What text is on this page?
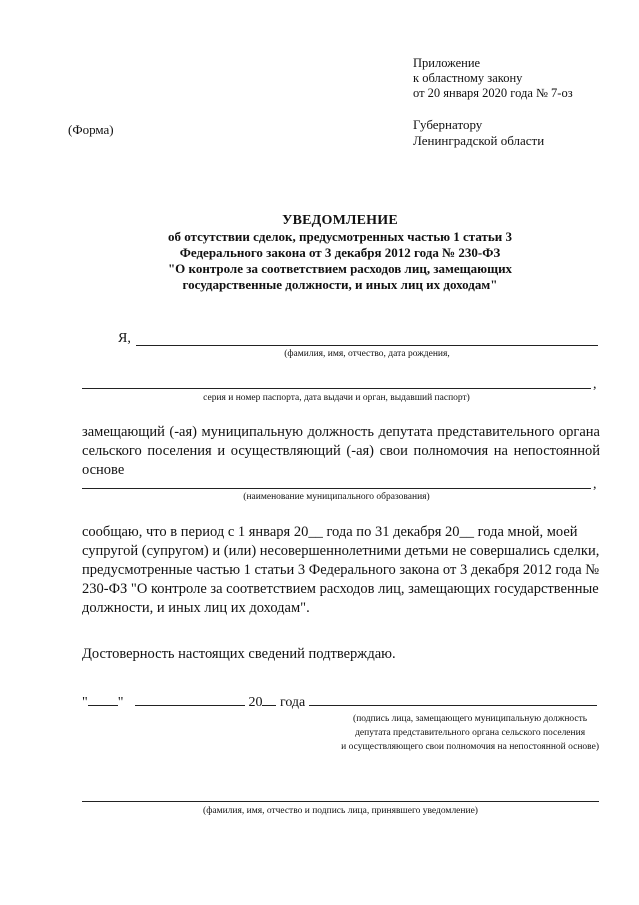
Приложение
к областному закону
от 20 января 2020 года № 7-оз
(Форма)	Губернатору
Ленинградской области
УВЕДОМЛЕНИЕ
об отсутствии сделок, предусмотренных частью 1 статьи 3
Федерального закона от 3 декабря 2012 года № 230-ФЗ
"О контроле за соответствием расходов лиц, замещающих
государственные должности, и иных лиц их доходам"
Я,
(фамилия, имя, отчество, дата рождения,
,
серия и номер паспорта, дата выдачи и орган, выдавший паспорт)
замещающий (-ая) муниципальную должность депутата представительного органа сельского поселения и осуществляющий (-ая) свои полномочия на непостоянной основе
,
(наименование муниципального образования)
сообщаю, что в период с 1 января 20__ года по 31 декабря 20__ года мной, моей супругой (супругом) и (или) несовершеннолетними детьми не совершались сделки, предусмотренные частью 1 статьи 3 Федерального закона от 3 декабря 2012 года № 230-ФЗ "О контроле за соответствием расходов лиц, замещающих государственные должности, и иных лиц их доходам".
Достоверность настоящих сведений подтверждаю.
" "	20 года
(подпись лица, замещающего муниципальную должность
депутата представительного органа сельского поселения
и осуществляющего свои полномочия на непостоянной основе)
(фамилия, имя, отчество и подпись лица, принявшего уведомление)
